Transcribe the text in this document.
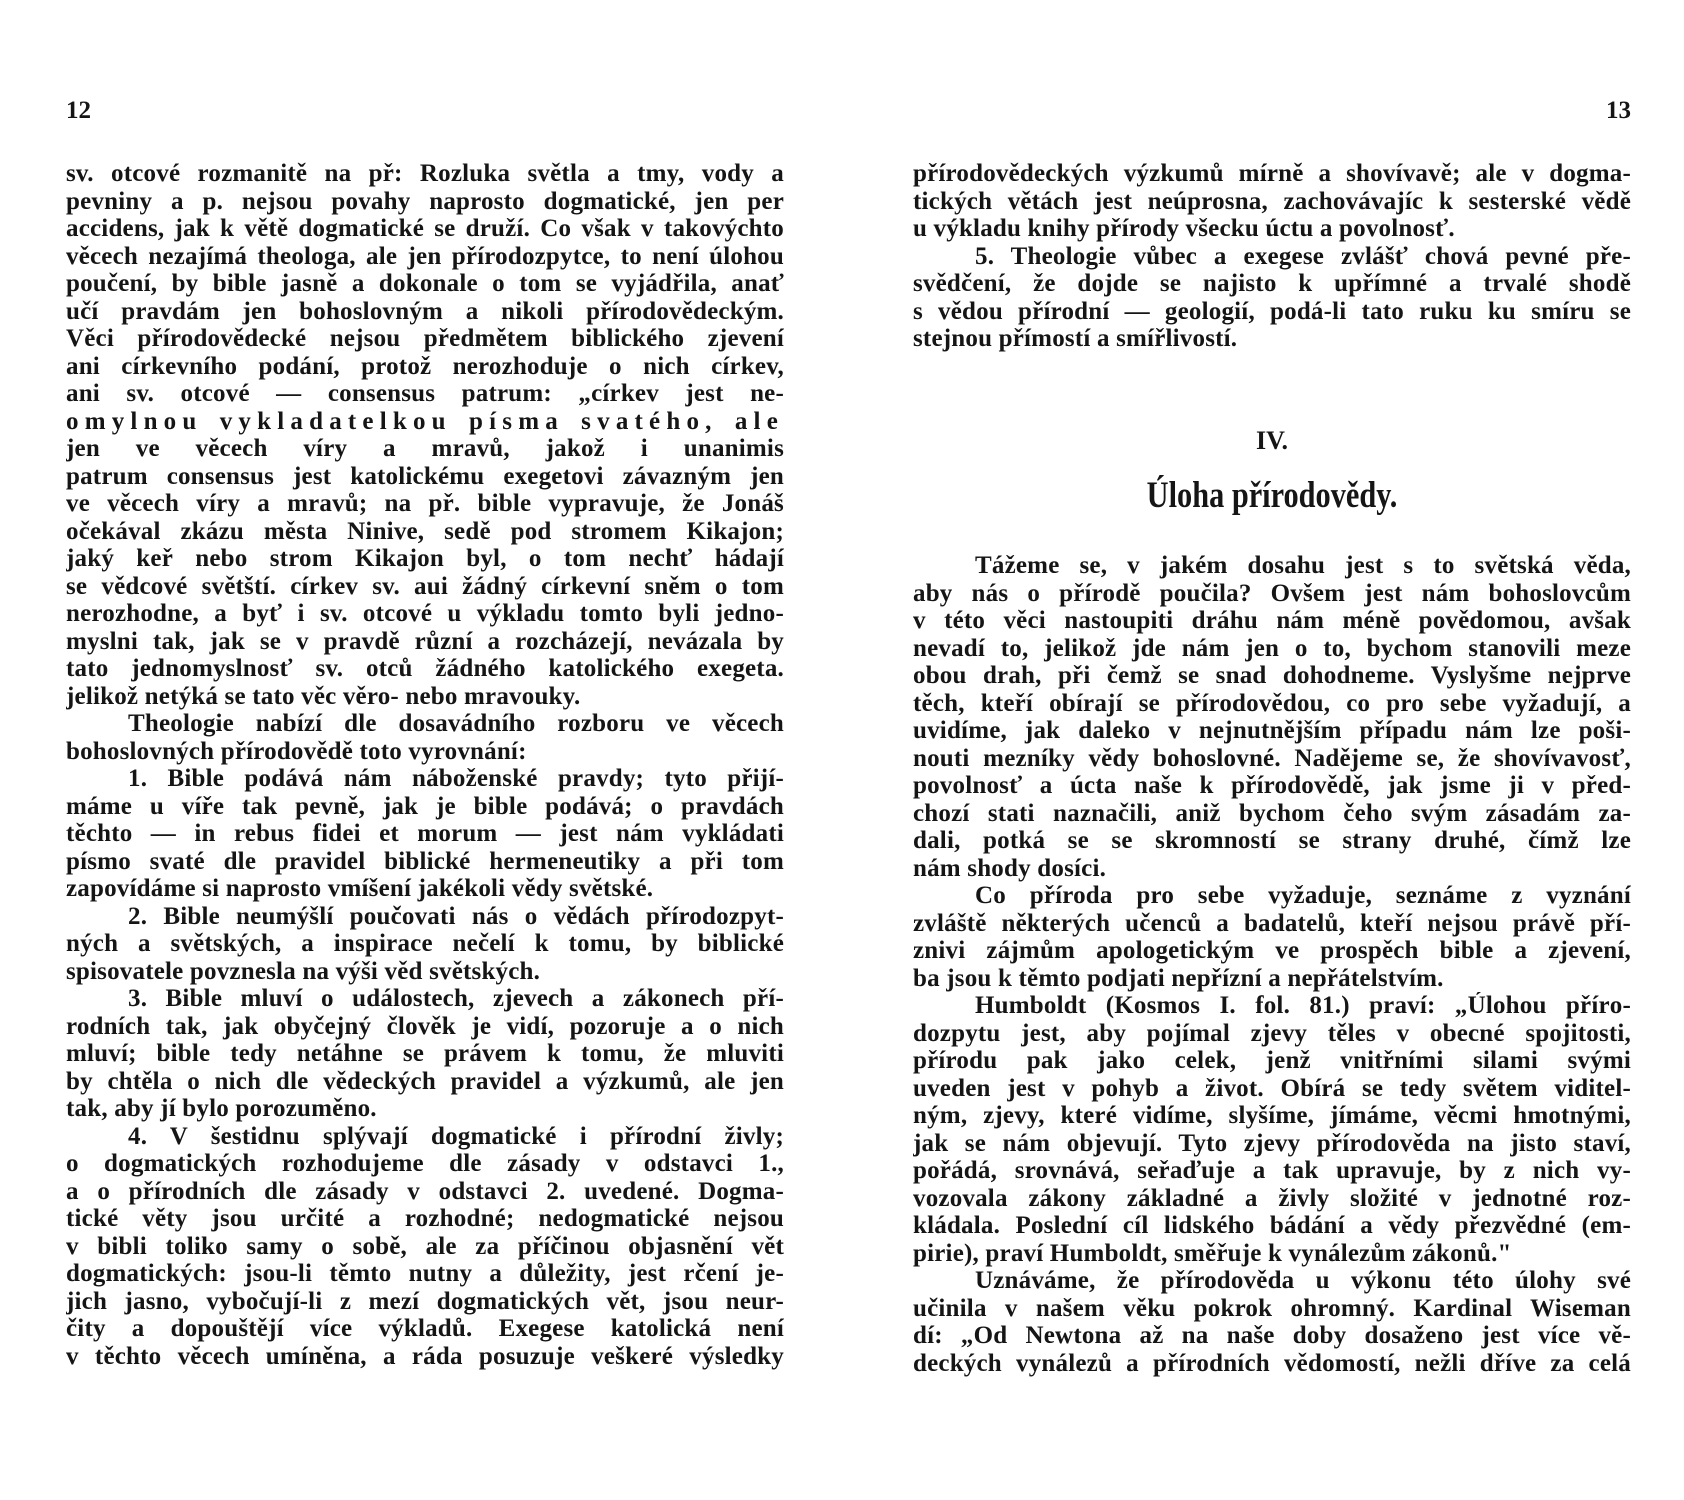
12
sv. otcové rozmanitě na př: Rozluka světla a tmy, vody a
pevniny a p. nejsou povahy naprosto dogmatické, jen per
accidens, jak k větě dogmatické se druží. Co však v takovýchto
věcech nezajímá theologa, ale jen přírodozpytce, to není úlohou
poučení, by bible jasně a dokonale o tom se vyjádřila, anať
učí pravdám jen bohoslovným a nikoli přírodovědeckým.
Věci přírodovědecké nejsou předmětem biblického zjevení
ani církevního podání, protož nerozhoduje o nich církev,
ani sv. otcové — consensus patrum: „církev jest ne-
omylnou vykladatelkou písma svatého, ale
jen ve věcech víry a mravů, jakož i unanimis
patrum consensus jest katolickému exegetovi závazným jen
ve věcech víry a mravů; na př. bible vypravuje, že Jonáš
očekával zkázu města Ninive, sedě pod stromem Kikajon;
jaký keř nebo strom Kikajon byl, o tom nechť hádají
se vědcové světští. církev sv. aui žádný církevní sněm o tom
nerozhodne, a byť i sv. otcové u výkladu tomto byli jedno-
myslni tak, jak se v pravdě různí a rozcházejí, nevázala by
tato jednomyslnosť sv. otců žádného katolického exegeta.
jelikož netýká se tato věc věro- nebo mravouky.
Theologie nabízí dle dosavádního rozboru ve věcech
bohoslovných přírodovědě toto vyrovnání:
1. Bible podává nám náboženské pravdy; tyto přijí-
máme u víře tak pevně, jak je bible podává; o pravdách
těchto — in rebus fidei et morum — jest nám vykládati
písmo svaté dle pravidel biblické hermeneutiky a při tom
zapovídáme si naprosto vmíšení jakékoli vědy světské.
2. Bible neumýšlí poučovati nás o vědách přírodozpyt-
ných a světských, a inspirace nečelí k tomu, by biblické
spisovatele povznesla na výši věd světských.
3. Bible mluví o událostech, zjevech a zákonech pří-
rodních tak, jak obyčejný člověk je vidí, pozoruje a o nich
mluví; bible tedy netáhne se právem k tomu, že mluviti
by chtěla o nich dle vědeckých pravidel a výzkumů, ale jen
tak, aby jí bylo porozuměno.
4. V šestidnu splývají dogmatické i přírodní živly;
o dogmatických rozhodujeme dle zásady v odstavci 1.,
a o přírodních dle zásady v odstavci 2. uvedené. Dogma-
tické věty jsou určité a rozhodné; nedogmatické nejsou
v bibli toliko samy o sobě, ale za příčinou objasnění vět
dogmatických: jsou-li těmto nutny a důležity, jest rčení je-
jich jasno, vybočují-li z mezí dogmatických vět, jsou neur-
čity a dopouštějí více výkladů. Exegese katolická není
v těchto věcech umíněna, a ráda posuzuje veškeré výsledky
13
přírodovědeckých výzkumů mírně a shovívavě; ale v dogma-
tických větách jest neúprosna, zachovávajíc k sesterské vědě
u výkladu knihy přírody všecku úctu a povolnosť.
5. Theologie vůbec a exegese zvlášť chová pevné pře-
svědčení, že dojde se najisto k upřímné a trvalé shodě
s vědou přírodní — geologií, podá-li tato ruku ku smíru se
stejnou přímostí a smířlivostí.
IV.
Úloha přírodovědy.
Tážeme se, v jakém dosahu jest s to světská věda,
aby nás o přírodě poučila? Ovšem jest nám bohoslovcům
v této věci nastoupiti dráhu nám méně povědomou, avšak
nevadí to, jelikož jde nám jen o to, bychom stanovili meze
obou drah, při čemž se snad dohodneme. Vyslyšme nejprve
těch, kteří obírají se přírodovědou, co pro sebe vyžadují, a
uvidíme, jak daleko v nejnutnějším případu nám lze poši-
nouti mezníky vědy bohoslovné. Nadějeme se, že shovívavosť,
povolnosť a úcta naše k přírodovědě, jak jsme ji v před-
chozí stati naznačili, aniž bychom čeho svým zásadám za-
dali, potká se se skromností se strany druhé, čímž lze
nám shody dosíci.
Co příroda pro sebe vyžaduje, seznáme z vyznání
zvláště některých učenců a badatelů, kteří nejsou právě pří-
znivi zájmům apologetickým ve prospěch bible a zjevení,
ba jsou k těmto podjati nepřízní a nepřátelstvím.
Humboldt (Kosmos I. fol. 81.) praví: „Úlohou přírо-
dozpytu jest, aby pojímal zjevy těles v obecné spojitosti,
přírodu pak jako celek, jenž vnitřními silami svými
uveden jest v pohyb a život. Obírá se tedy světem viditel-
ným, zjevy, které vidíme, slyšíme, jímáme, věcmi hmotnými,
jak se nám objevují. Tyto zjevy přírodověda na jisto staví,
pořádá, srovnává, seřaďuje a tak upravuje, by z nich vy-
vozovala zákony základné a živly složité v jednotné roz-
kládala. Poslední cíl lidského bádání a vědy přezvědné (em-
pirie), praví Humboldt, směřuje k vynálezům zákonů."
Uznáváme, že přírodověda u výkonu této úlohy své
učinila v našem věku pokrok ohromný. Kardinal Wiseman
dí: „Od Newtona až na naše doby dosaženo jest více vě-
deckých vynálezů a přírodních vědomostí, nežli dříve za celá
